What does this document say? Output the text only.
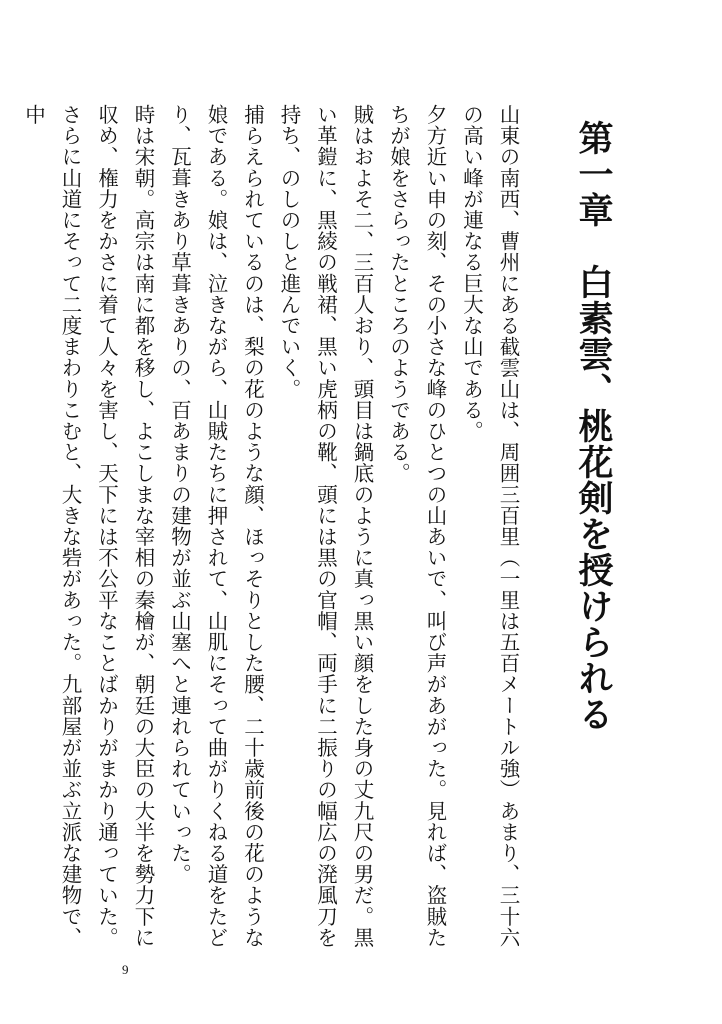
第一章　白素雲、桃花剣を授けられる

山東の南西、曹州にある截雲山は、周囲三百里（一里は五百メートル強）あまり、三十六の高い峰が連なる巨大な山である。

夕方近い申の刻、その小さな峰のひとつの山あいで、叫び声があがった。見れば、盗賊たちが娘をさらったところのようである。

賊はおよそ二、三百人おり、頭目は鍋底のように真っ黒い顔をした身の丈九尺の男だ。黒い革鎧に、黒綾の戦裙、黒い虎柄の靴、頭には黒の官帽、両手に二振りの幅広の溌風刀を持ち、のしのしと進んでいく。

捕らえられているのは、梨の花のような顔、ほっそりとした腰、二十歳前後の花のような娘である。娘は、泣きながら、山賊たちに押されて、山肌にそって曲がりくねる道をたどり、瓦葺きあり草葺きありの、百あまりの建物が並ぶ山塞へと連れられていった。

時は宋朝。高宗は南に都を移し、よこしまな宰相の秦檜が、朝廷の大臣の大半を勢力下に収め、権力をかさに着て人々を害し、天下には不公平なことばかりがまかり通っていた。

さらに山道にそって二度まわりこむと、大きな砦があった。九部屋が並ぶ立派な建物で、中

9
